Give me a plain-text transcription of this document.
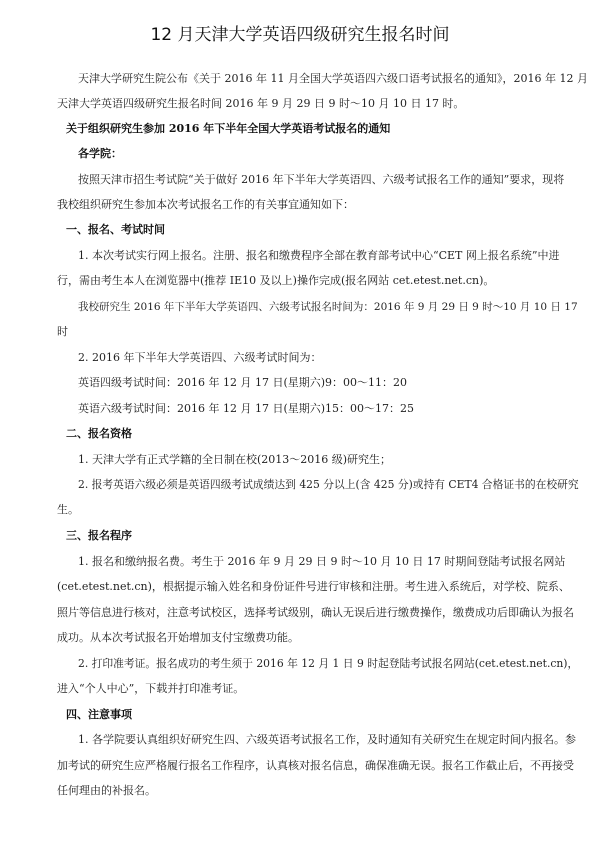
12 月天津大学英语四级研究生报名时间
天津大学研究生院公布《关于 2016 年 11 月全国大学英语四六级口语考试报名的通知》，2016 年 12 月
天津大学英语四级研究生报名时间 2016 年 9 月 29 日 9 时～10 月 10 日 17 时。
关于组织研究生参加 2016 年下半年全国大学英语考试报名的通知
各学院：
按照天津市招生考试院“关于做好 2016 年下半年大学英语四、六级考试报名工作的通知”要求，现将
我校组织研究生参加本次考试报名工作的有关事宜通知如下：
一、报名、考试时间
1. 本次考试实行网上报名。注册、报名和缴费程序全部在教育部考试中心“CET 网上报名系统”中进
行，需由考生本人在浏览器中(推荐 IE10 及以上)操作完成(报名网站 cet.etest.net.cn)。
我校研究生 2016 年下半年大学英语四、六级考试报名时间为：2016 年 9 月 29 日 9 时～10 月 10 日 17
时
2. 2016 年下半年大学英语四、六级考试时间为：
英语四级考试时间：2016 年 12 月 17 日(星期六)9：00～11：20
英语六级考试时间：2016 年 12 月 17 日(星期六)15：00～17：25
二、报名资格
1. 天津大学有正式学籍的全日制在校(2013～2016 级)研究生；
2. 报考英语六级必须是英语四级考试成绩达到 425 分以上(含 425 分)或持有 CET4 合格证书的在校研究
生。
三、报名程序
1. 报名和缴纳报名费。考生于 2016 年 9 月 29 日 9 时～10 月 10 日 17 时期间登陆考试报名网站
(cet.etest.net.cn)，根据提示输入姓名和身份证件号进行审核和注册。考生进入系统后，对学校、院系、
照片等信息进行核对，注意考试校区，选择考试级别，确认无误后进行缴费操作，缴费成功后即确认为报名
成功。从本次考试报名开始增加支付宝缴费功能。
2. 打印准考证。报名成功的考生须于 2016 年 12 月 1 日 9 时起登陆考试报名网站(cet.etest.net.cn)，
进入“个人中心”，下载并打印准考证。
四、注意事项
1. 各学院要认真组织好研究生四、六级英语考试报名工作，及时通知有关研究生在规定时间内报名。参
加考试的研究生应严格履行报名工作程序，认真核对报名信息，确保准确无误。报名工作截止后，不再接受
任何理由的补报名。
